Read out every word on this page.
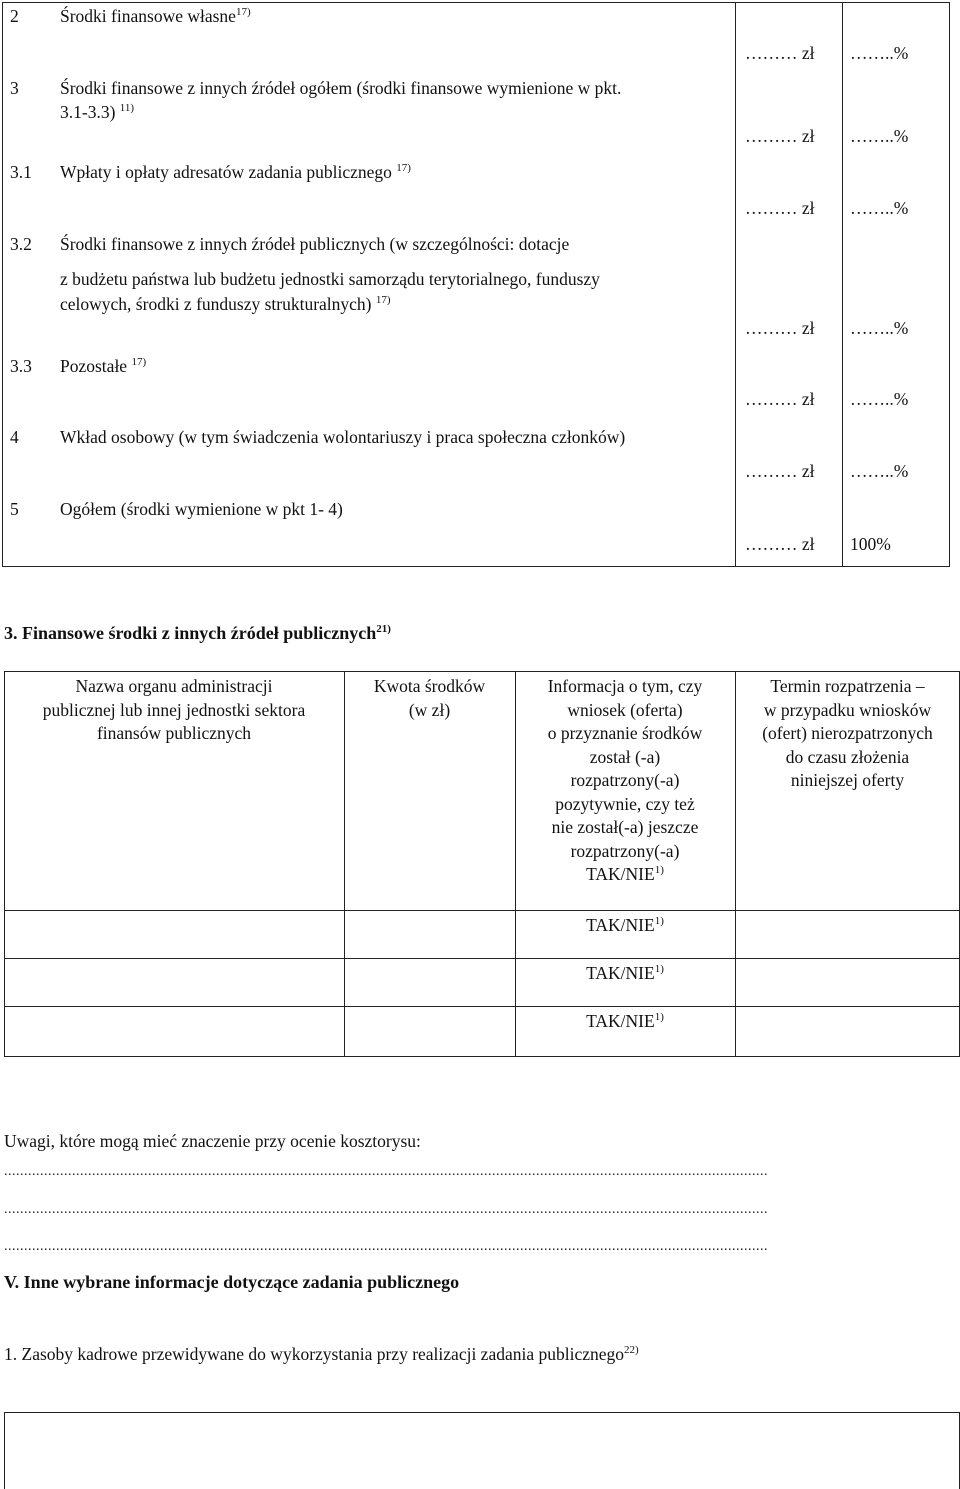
2 Środki finansowe własne$^{17)}$
3 Środki finansowe z innych źródeł ogółem (środki finansowe wymienione w pkt.
3.1-3.3) $^{11)}$
3.1 Wpłaty i opłaty adresatów zadania publicznego $^{17)}$
3.2 Środki finansowe z innych źródeł publicznych (w szczególności: dotacje
z budżetu państwa lub budżetu jednostki samorządu terytorialnego, funduszy
celowych, środki z funduszy strukturalnych) $^{17)}$
3.3 Pozostałe $^{17)}$
4 Wkład osobowy (w tym świadczenia wolontariuszy i praca społeczna członków)
5 Ogółem (środki wymienione w pkt 1- 4)
……… zł ……..%
……… zł ……..%
……… zł ……..%
……… zł ……..%
……… zł ……..%
……… zł ……..%
……… zł 100%
3. Finansowe środki z innych źródeł publicznych$^{21)}$
Nazwa organu administracji
publicznej lub innej jednostki sektora
finansów publicznych
Kwota środków
(w zł)
Informacja o tym, czy
wniosek (oferta)
o przyznanie środków
został (-a)
rozpatrzony(-a)
pozytywnie, czy też
nie został(-a) jeszcze
rozpatrzony(-a)
TAK/NIE$^{1)}$
Termin rozpatrzenia –
w przypadku wniosków
(ofert) nierozpatrzonych
do czasu złożenia
niniejszej oferty
TAK/NIE$^{1)}$
TAK/NIE$^{1)}$
TAK/NIE$^{1)}$
Uwagi, które mogą mieć znaczenie przy ocenie kosztorysu:
...............................................................................................................................................................................................
...............................................................................................................................................................................................
...............................................................................................................................................................................................
V. Inne wybrane informacje dotyczące zadania publicznego
1. Zasoby kadrowe przewidywane do wykorzystania przy realizacji zadania publicznego$^{22)}$
